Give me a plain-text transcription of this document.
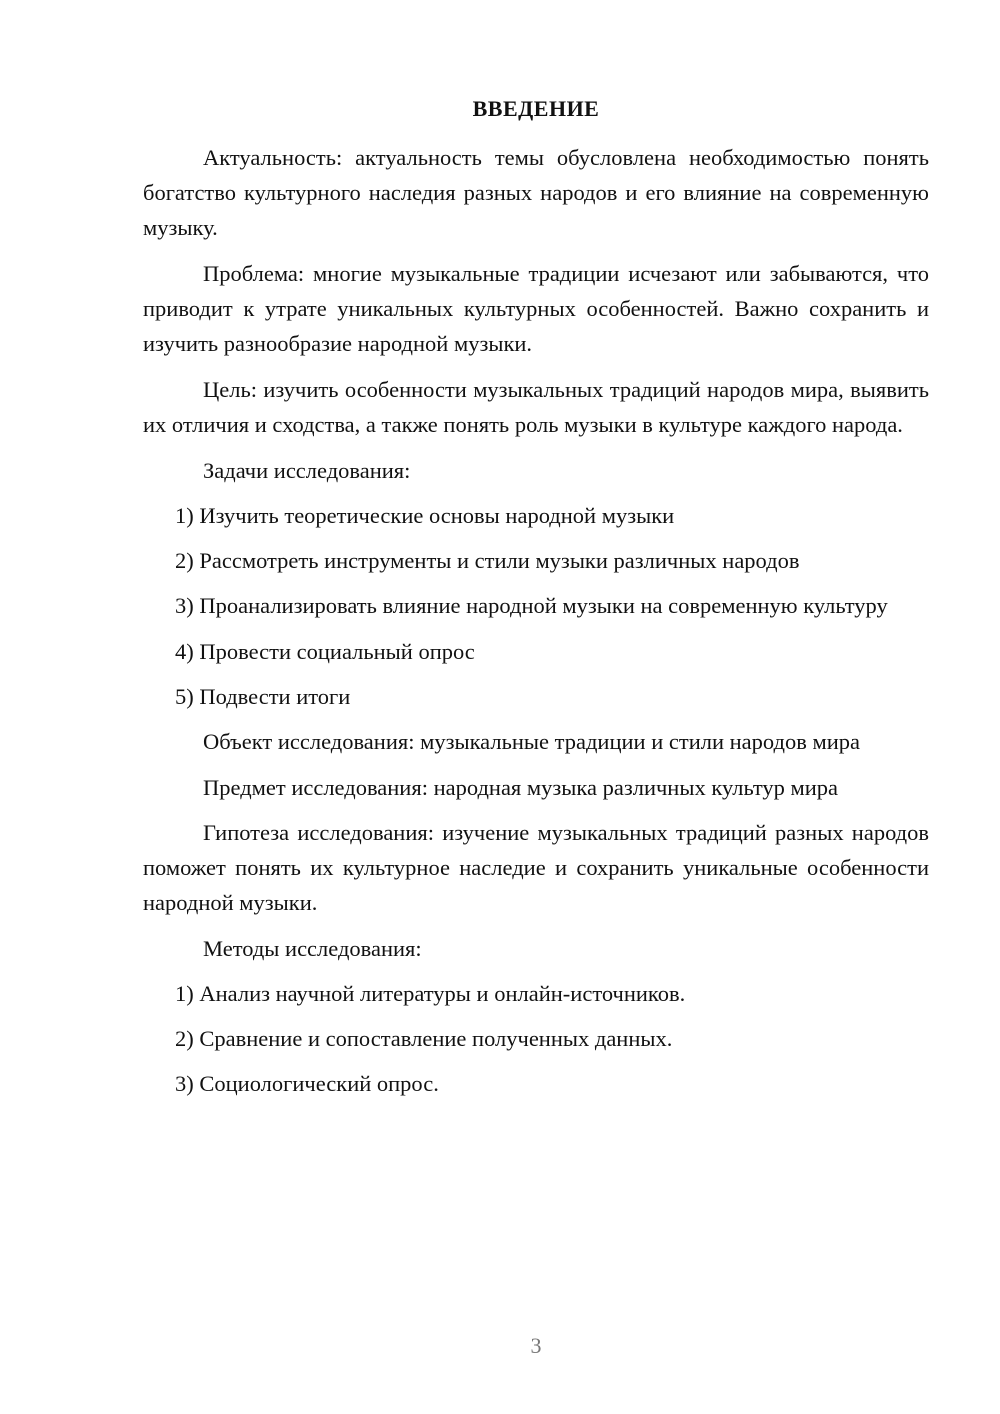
ВВЕДЕНИЕ

Актуальность: актуальность темы обусловлена необходимостью понять богатство культурного наследия разных народов и его влияние на современную музыку.

Проблема: многие музыкальные традиции исчезают или забываются, что приводит к утрате уникальных культурных особенностей. Важно сохранить и изучить разнообразие народной музыки.

Цель: изучить особенности музыкальных традиций народов мира, выявить их отличия и сходства, а также понять роль музыки в культуре каждого народа.

Задачи исследования:

1) Изучить теоретические основы народной музыки

2) Рассмотреть инструменты и стили музыки различных народов

3) Проанализировать влияние народной музыки на современную культуру

4) Провести социальный опрос

5) Подвести итоги

Объект исследования: музыкальные традиции и стили народов мира

Предмет исследования: народная музыка различных культур мира

Гипотеза исследования: изучение музыкальных традиций разных народов поможет понять их культурное наследие и сохранить уникальные особенности народной музыки.

Методы исследования:

1) Анализ научной литературы и онлайн-источников.

2) Сравнение и сопоставление полученных данных.

3) Социологический опрос.

3
